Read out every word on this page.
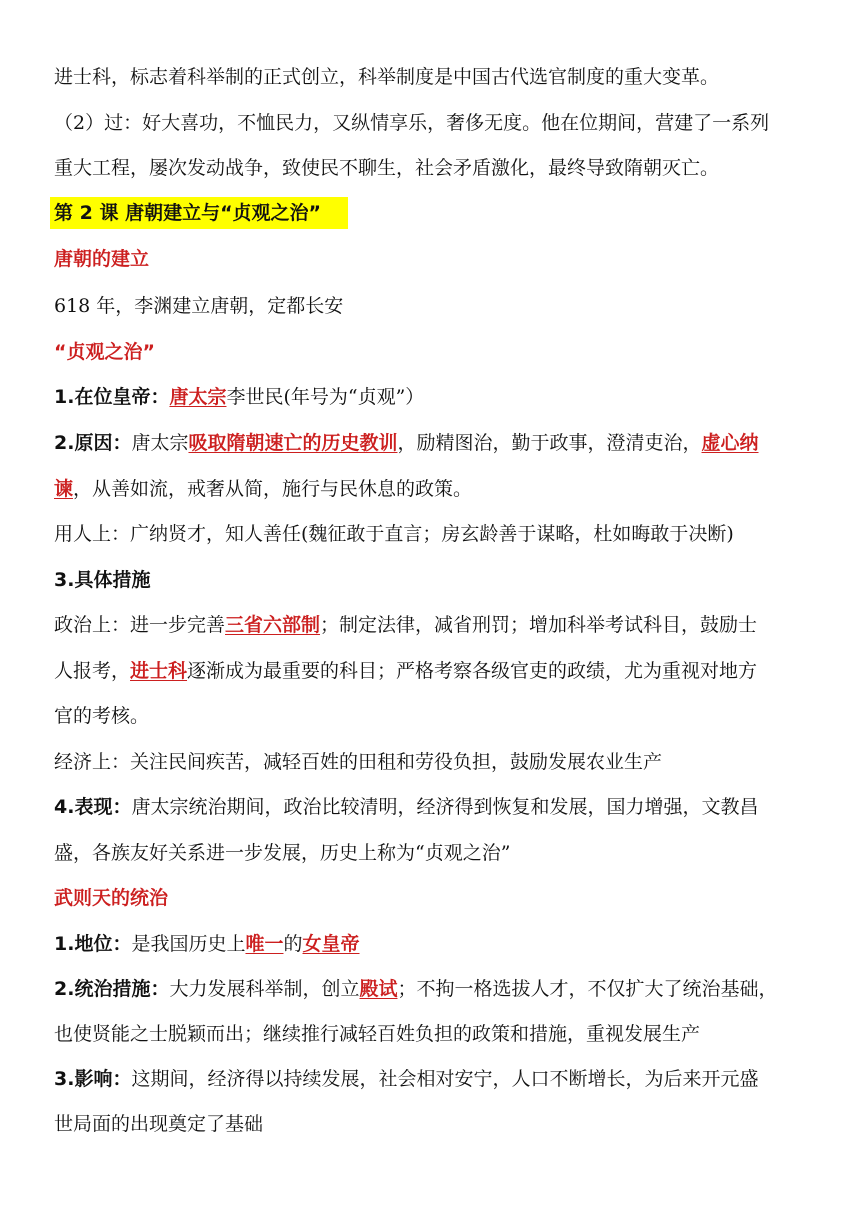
进士科，标志着科举制的正式创立，科举制度是中国古代选官制度的重大变革。
（2）过：好大喜功，不恤民力，又纵情享乐，奢侈无度。他在位期间，营建了一系列
重大工程，屡次发动战争，致使民不聊生，社会矛盾激化，最终导致隋朝灭亡。
第 2 课 唐朝建立与“贞观之治”
唐朝的建立
618 年，李渊建立唐朝，定都长安
“贞观之治”
1.在位皇帝：唐太宗李世民(年号为“贞观”）
2.原因：唐太宗吸取隋朝速亡的历史教训，励精图治，勤于政事，澄清吏治，虚心纳
谏，从善如流，戒奢从简，施行与民休息的政策。
用人上：广纳贤才，知人善任(魏征敢于直言；房玄龄善于谋略，杜如晦敢于决断)
3.具体措施
政治上：进一步完善三省六部制；制定法律，减省刑罚；增加科举考试科目，鼓励士
人报考，进士科逐渐成为最重要的科目；严格考察各级官吏的政绩，尤为重视对地方
官的考核。
经济上：关注民间疾苦，减轻百姓的田租和劳役负担，鼓励发展农业生产
4.表现：唐太宗统治期间，政治比较清明，经济得到恢复和发展，国力增强，文教昌
盛，各族友好关系进一步发展，历史上称为“贞观之治”
武则天的统治
1.地位：是我国历史上唯一的女皇帝
2.统治措施：大力发展科举制，创立殿试；不拘一格选拔人才，不仅扩大了统治基础，
也使贤能之士脱颖而出；继续推行减轻百姓负担的政策和措施，重视发展生产
3.影响：这期间，经济得以持续发展，社会相对安宁，人口不断增长，为后来开元盛
世局面的出现奠定了基础
